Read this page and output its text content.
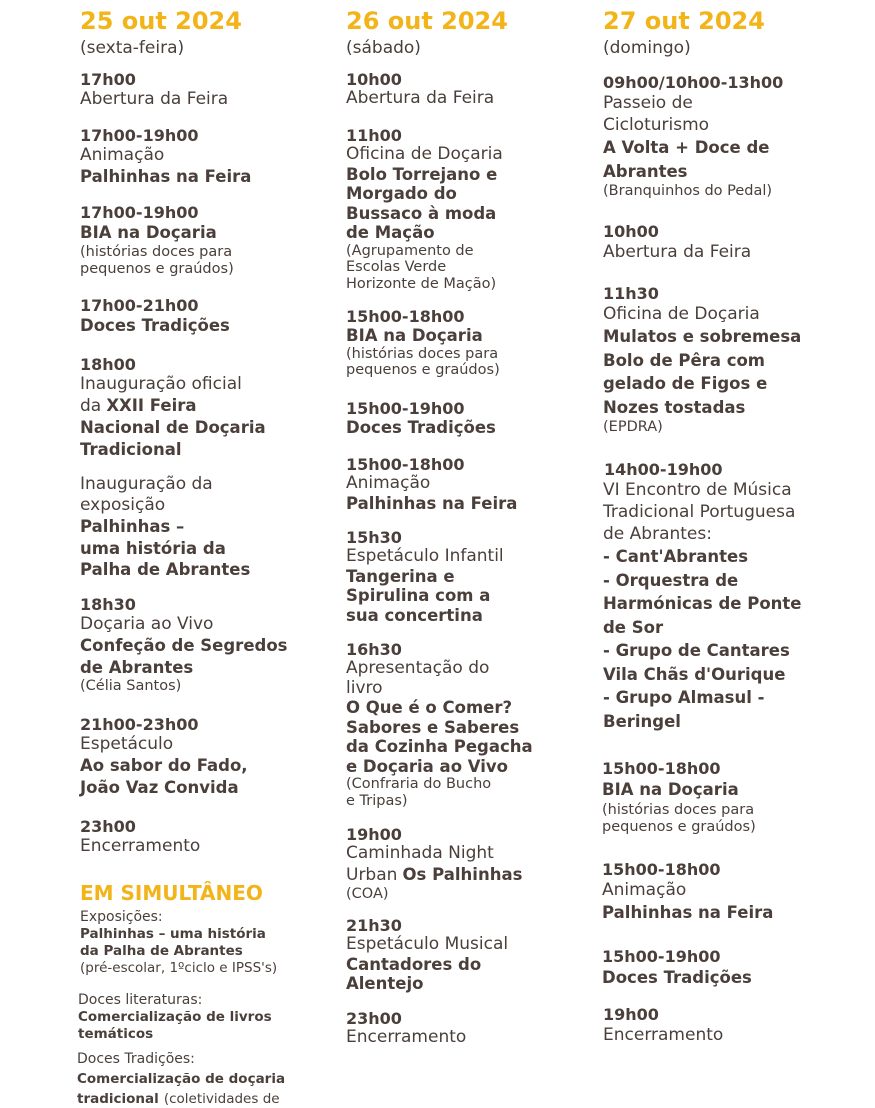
25 out 2024
(sexta-feira)
17h00
Abertura da Feira
17h00-19h00
Animação
Palhinhas na Feira
17h00-19h00
BIA na Doçaria
(histórias doces para
pequenos e graúdos)
17h00-21h00
Doces Tradições
18h00
Inauguração oficial
da XXII Feira
Nacional de Doçaria
Tradicional
Inauguração da
exposição
Palhinhas –
uma história da
Palha de Abrantes
18h30
Doçaria ao Vivo
Confeção de Segredos
de Abrantes
(Célia Santos)
21h00-23h00
Espetáculo
Ao sabor do Fado,
João Vaz Convida
23h00
Encerramento
EM SIMULTÂNEO
Exposições:
Palhinhas – uma história
da Palha de Abrantes
(pré-escolar, 1ºciclo e IPSS's)
Doces literaturas:
Comercialização de livros
temáticos
Doces Tradições:
Comercialização de doçaria
tradicional (coletividades de
26 out 2024
(sábado)
10h00
Abertura da Feira
11h00
Oficina de Doçaria
Bolo Torrejano e
Morgado do
Bussaco à moda
de Mação
(Agrupamento de
Escolas Verde
Horizonte de Mação)
15h00-18h00
BIA na Doçaria
(histórias doces para
pequenos e graúdos)
15h00-19h00
Doces Tradições
15h00-18h00
Animação
Palhinhas na Feira
15h30
Espetáculo Infantil
Tangerina e
Spirulina com a
sua concertina
16h30
Apresentação do
livro
O Que é o Comer?
Sabores e Saberes
da Cozinha Pegacha
e Doçaria ao Vivo
(Confraria do Bucho
e Tripas)
19h00
Caminhada Night
Urban Os Palhinhas
(COA)
21h30
Espetáculo Musical
Cantadores do
Alentejo
23h00
Encerramento
27 out 2024
(domingo)
09h00/10h00-13h00
Passeio de
Cicloturismo
A Volta + Doce de
Abrantes
(Branquinhos do Pedal)
10h00
Abertura da Feira
11h30
Oficina de Doçaria
Mulatos e sobremesa
Bolo de Pêra com
gelado de Figos e
Nozes tostadas
(EPDRA)
14h00-19h00
VI Encontro de Música
Tradicional Portuguesa
de Abrantes:
- Cant'Abrantes
- Orquestra de
Harmónicas de Ponte
de Sor
- Grupo de Cantares
Vila Chãs d'Ourique
- Grupo Almasul -
Beringel
15h00-18h00
BIA na Doçaria
(histórias doces para
pequenos e graúdos)
15h00-18h00
Animação
Palhinhas na Feira
15h00-19h00
Doces Tradições
19h00
Encerramento
